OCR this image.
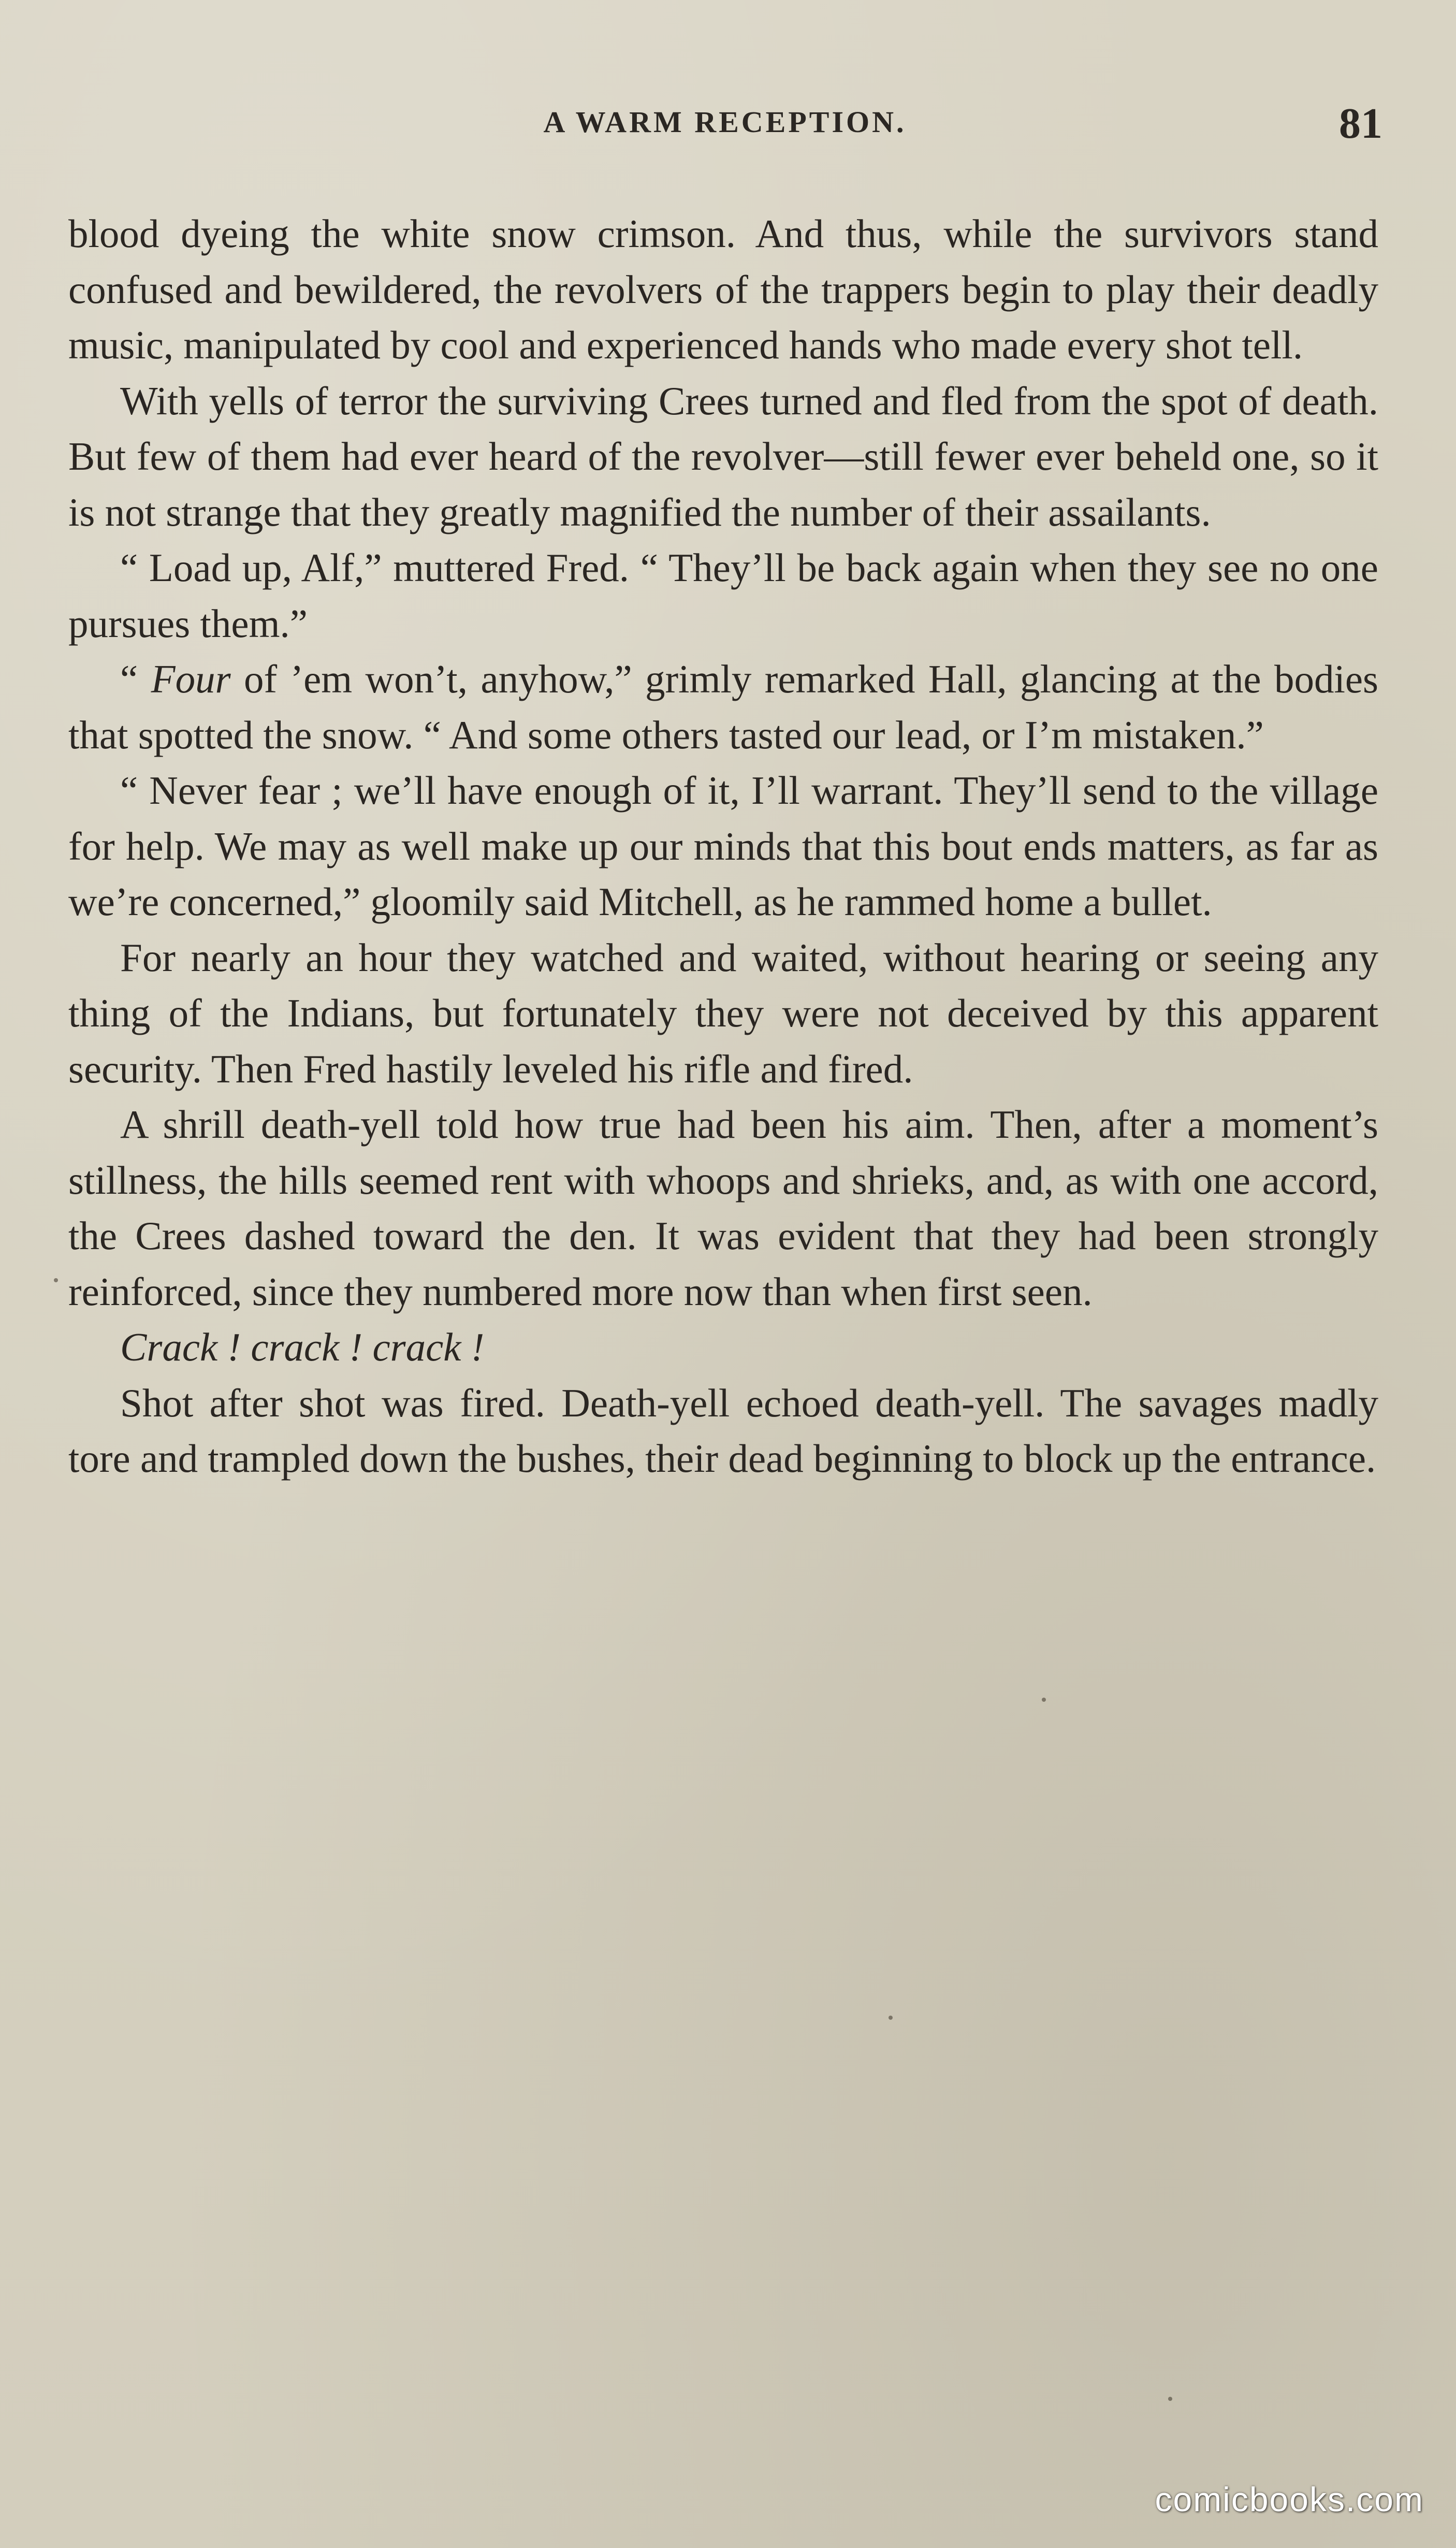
A WARM RECEPTION.	81

blood dyeing the white snow crimson. And thus, while the survivors stand confused and bewildered, the revolvers of the trappers begin to play their deadly music, manipulated by cool and experienced hands who made every shot tell.

With yells of terror the surviving Crees turned and fled from the spot of death. But few of them had ever heard of the revolver—still fewer ever beheld one, so it is not strange that they greatly magnified the number of their assailants.

“ Load up, Alf,” muttered Fred. “ They’ll be back again when they see no one pursues them.”

“ Four of ’em won’t, anyhow,” grimly remarked Hall, glancing at the bodies that spotted the snow. “ And some others tasted our lead, or I’m mistaken.”

“ Never fear ; we’ll have enough of it, I’ll warrant. They’ll send to the village for help. We may as well make up our minds that this bout ends matters, as far as we’re concerned,” gloomily said Mitchell, as he rammed home a bullet.

For nearly an hour they watched and waited, without hearing or seeing any thing of the Indians, but fortunately they were not deceived by this apparent security. Then Fred hastily leveled his rifle and fired.

A shrill death-yell told how true had been his aim. Then, after a moment’s stillness, the hills seemed rent with whoops and shrieks, and, as with one accord, the Crees dashed toward the den. It was evident that they had been strongly reinforced, since they numbered more now than when first seen.

Crack ! crack ! crack !

Shot after shot was fired. Death-yell echoed death-yell. The savages madly tore and trampled down the bushes, their dead beginning to block up the entrance.

comicbooks.com
